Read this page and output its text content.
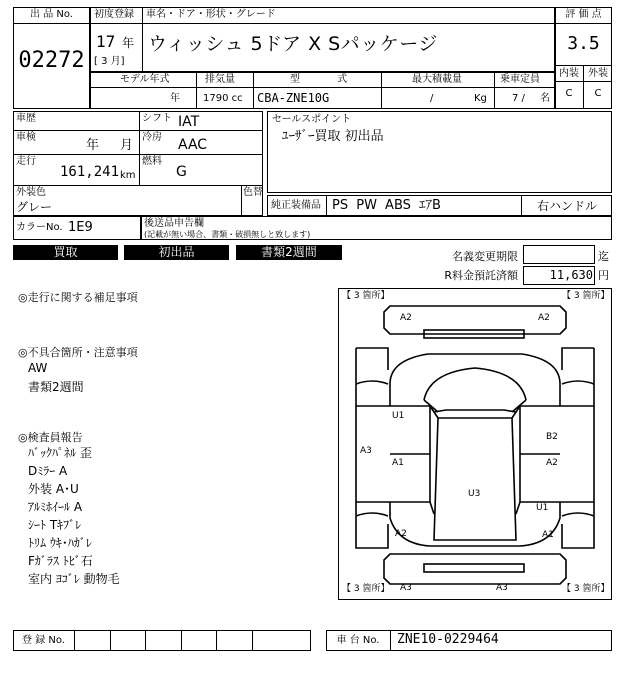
出 品 No.
02272
初度登録 車名・ドア・形状・グレード
17 年
[ 3 月]
ウィッシュ 5ドア X Sパッケージ
評 価 点
3.5
内装 外装
C	C
モデル年式	排気量	型 式	最大積載量	乗車定員
年 1790 cc CBA-ZNE10G	/	Kg	7 / 名
車歴	シフト IAT
車検
年 月
冷房 AAC
走行
161,241 km
燃料
G
セールスポイント
ﾕｰｻﾞｰ買取 初出品
外装色
グレー
色替
純正装備品 PS PW ABS ｴｱB	右ハンドル
カラーNo. 1E9	後送品申告欄
(記載が無い場合、書類・破損無しと致します)
買取	初出品	書類2週間	名義変更期限	迄
R料金預託済額	11,630 円
◎走行に関する補足事項
◎不具合箇所・注意事項
AW
書類2週間
◎検査員報告
ﾊﾞｯｸﾊﾟﾈﾙ 歪
Dﾐﾗｰ A
外装 A･U
ｱﾙﾐﾎｲｰﾙ A
ｼｰﾄ Tｷﾌﾞﾚ
ﾄﾘﾑ ｳｷ･ﾊｶﾞﾚ
Fｶﾞﾗｽ ﾄﾋﾞ石
室内 ﾖｺﾞﾚ 動物毛
【 3 箇所】	【 3 箇所】
【 3 箇所】	【 3 箇所】
A2	A2
A3	A3
U1
A3
A1
A2
B2
A2
U1
A1
U3
登 録 No.	車 台 No.	ZNE10-0229464
